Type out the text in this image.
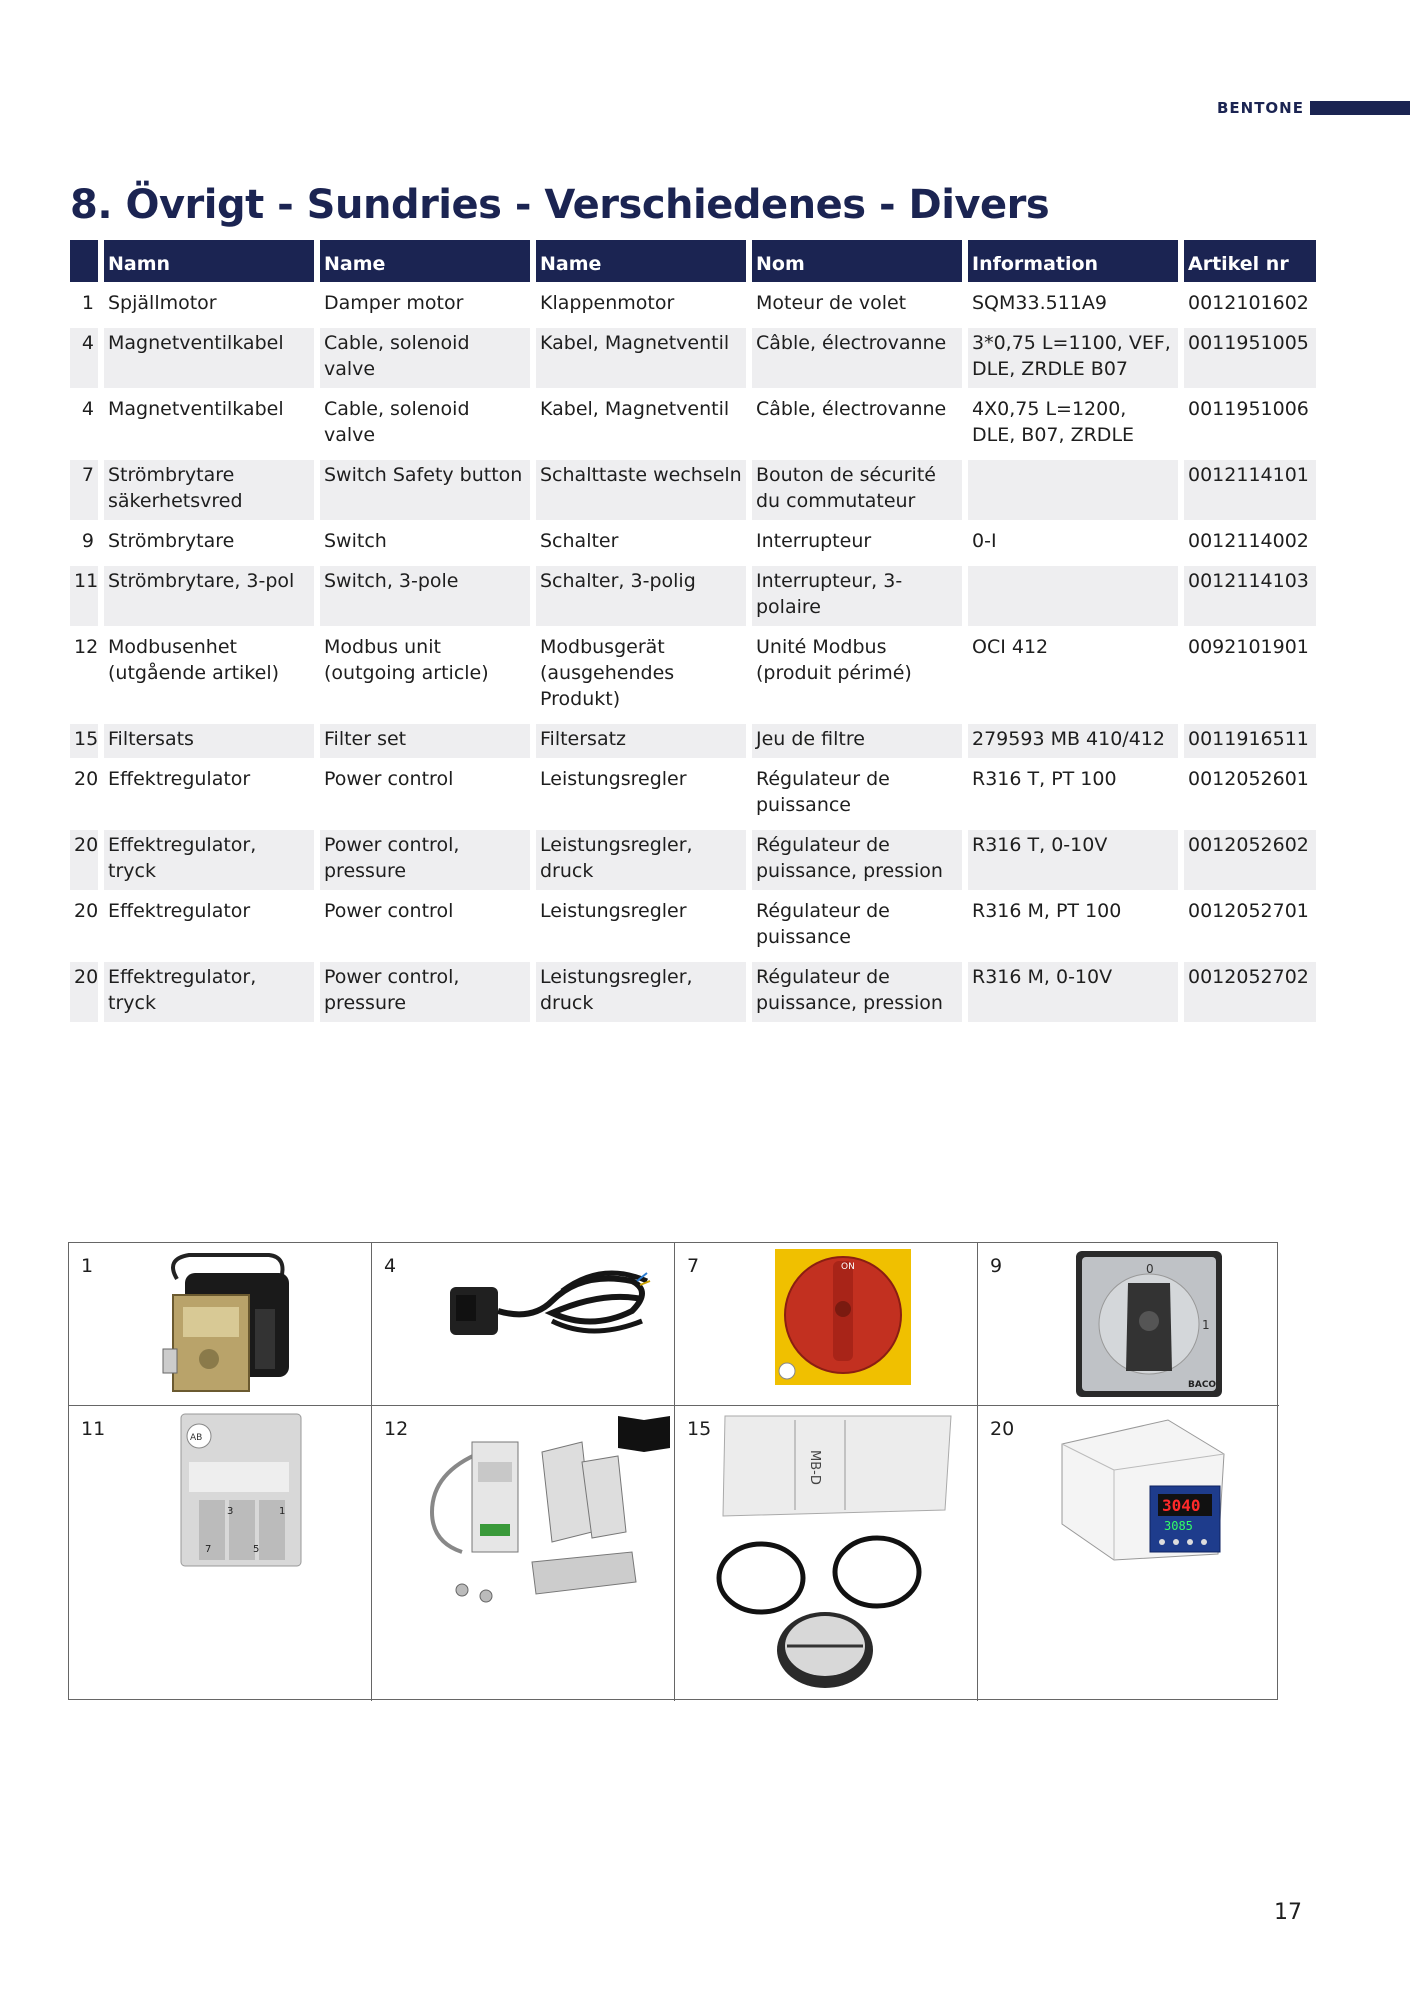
BENTONE
8. Övrigt - Sundries - Verschiedenes - Divers
	Namn	Name	Name	Nom	Information	Artikel nr
1	Spjällmotor	Damper motor	Klappenmotor	Moteur de volet	SQM33.511A9	0012101602
4	Magnetventilkabel	Cable, solenoid valve	Kabel, Magnetventil	Câble, électrovanne	3*0,75 L=1100, VEF, DLE, ZRDLE B07	0011951005
4	Magnetventilkabel	Cable, solenoid valve	Kabel, Magnetventil	Câble, électrovanne	4X0,75 L=1200, DLE, B07, ZRDLE	0011951006
7	Strömbrytare säkerhetsvred	Switch Safety button	Schalttaste wechseln	Bouton de sécurité du commutateur		0012114101
9	Strömbrytare	Switch	Schalter	Interrupteur	0-I	0012114002
11	Strömbrytare, 3-pol	Switch, 3-pole	Schalter, 3-polig	Interrupteur, 3-polaire		0012114103
12	Modbusenhet (utgående artikel)	Modbus unit (outgoing article)	Modbusgerät (ausgehendes Produkt)	Unité Modbus (produit périmé)	OCI 412	0092101901
15	Filtersats	Filter set	Filtersatz	Jeu de filtre	279593 MB 410/412	0011916511
20	Effektregulator	Power control	Leistungsregler	Régulateur de puissance	R316 T, PT 100	0012052601
20	Effektregulator, tryck	Power control, pressure	Leistungsregler, druck	Régulateur de puissance, pression	R316 T, 0-10V	0012052602
20	Effektregulator	Power control	Leistungsregler	Régulateur de puissance	R316 M, PT 100	0012052701
20	Effektregulator, tryck	Power control, pressure	Leistungsregler, druck	Régulateur de puissance, pression	R316 M, 0-10V	0012052702
1	4	7	ON	9	0
1
BACO
11	AB
3	1
7	5
12	15
MB-D
20
3040
3085
17
